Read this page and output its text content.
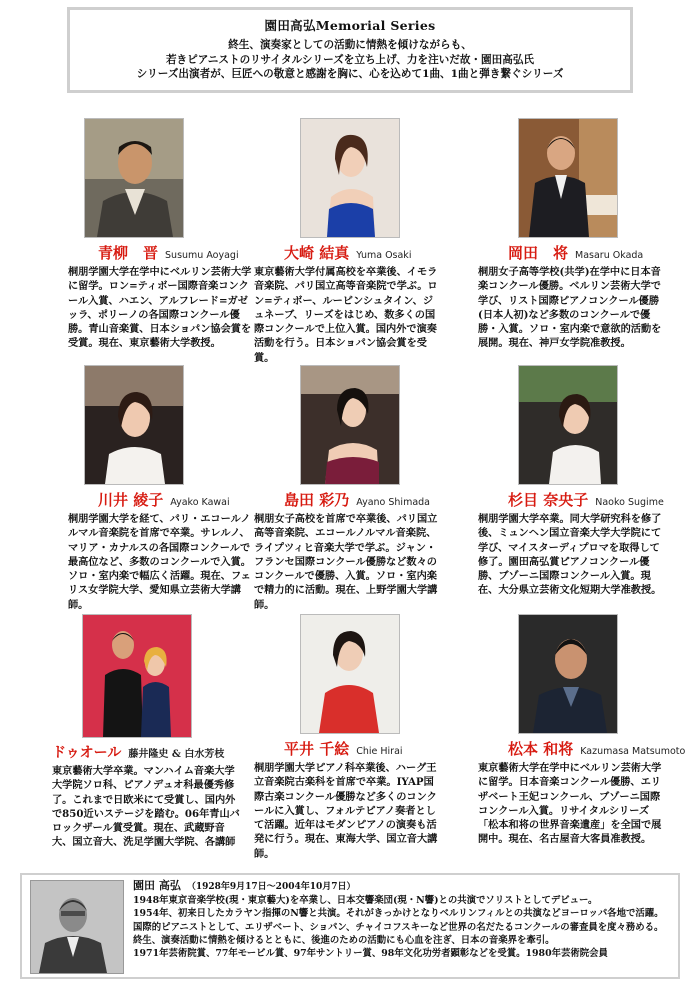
園田高弘Memorial Series
終生、演奏家としての活動に情熱を傾けながらも、
若きピアニストのリサイタルシリーズを立ち上げ、力を注いだ故・園田高弘氏
シリーズ出演者が、巨匠への敬意と感謝を胸に、心を込めて1曲、1曲と弾き繋ぐシリーズ
青柳　晋 Susumu Aoyagi
桐朋学園大学在学中にベルリン芸術大学に留学。ロン=ティボー国際音楽コンクール入賞、ハエン、アルフレード=ガゼッラ、ポリーノの各国際コンクール優勝。青山音楽賞、日本ショパン協会賞を受賞。現在、東京藝術大学教授。
大崎 結真 Yuma Osaki
東京藝術大学付属高校を卒業後、イモラ音楽院、パリ国立高等音楽院で学ぶ。ロン=ティボー、ルービンシュタイン、ジュネーブ、リーズをはじめ、数多くの国際コンクールで上位入賞。国内外で演奏活動を行う。日本ショパン協会賞を受賞。
岡田　将 Masaru Okada
桐朋女子高等学校(共学)在学中に日本音楽コンクール優勝。ベルリン芸術大学で学び、リスト国際ピアノコンクール優勝(日本人初)など多数のコンクールで優勝・入賞。ソロ・室内楽で意欲的活動を展開。現在、神戸女学院准教授。
川井 綾子 Ayako Kawai
桐朋学園大学を経て、パリ・エコールノルマル音楽院を首席で卒業。サレルノ、マリア・カナルスの各国際コンクールで最高位など、多数のコンクールで入賞。ソロ・室内楽で幅広く活躍。現在、フェリス女学院大学、愛知県立芸術大学講師。
島田 彩乃 Ayano Shimada
桐朋女子高校を首席で卒業後、パリ国立高等音楽院、エコールノルマル音楽院、ライプツィヒ音楽大学で学ぶ。ジャン・フランセ国際コンクール優勝など数々のコンクールで優勝、入賞。ソロ・室内楽で精力的に活動。現在、上野学園大学講師。
杉目 奈央子 Naoko Sugime
桐朋学園大学卒業。同大学研究科を修了後、ミュンヘン国立音楽大学大学院にて学び、マイスターディプロマを取得して修了。園田高弘賞ピアノコンクール優勝、ブゾーニ国際コンクール入賞。現在、大分県立芸術文化短期大学准教授。
ドゥオール 藤井隆史 & 白水芳枝
東京藝術大学卒業。マンハイム音楽大学大学院ソロ科、ピアノデュオ科最優秀修了。これまで日欧米にて受賞し、国内外で850近いステージを踏む。06年青山バロックザール賞受賞。現在、武蔵野音大、国立音大、洗足学園大学院、各講師
平井 千絵 Chie Hirai
桐朋学園大学ピアノ科卒業後、ハーグ王立音楽院古楽科を首席で卒業。IYAP国際古楽コンクール優勝など多くのコンクールに入賞し、フォルテピアノ奏者として活躍。近年はモダンピアノの演奏も活発に行う。現在、東海大学、国立音大講師。
松本 和将 Kazumasa Matsumoto
東京藝術大学在学中にベルリン芸術大学に留学。日本音楽コンクール優勝、エリザベート王妃コンクール、ブゾーニ国際コンクール入賞。リサイタルシリーズ「松本和将の世界音楽遺産」を全国で展開中。現在、名古屋音大客員准教授。
園田 高弘 （1928年9月17日～2004年10月7日）
1948年東京音楽学校(現・東京藝大)を卒業し、日本交響楽団(現・N響)との共演でソリストとしてデビュー。
1954年、初来日したカラヤン指揮のN響と共演。それがきっかけとなりベルリンフィルとの共演などヨーロッパ各地で活躍。
国際的ピアニストとして、エリザベート、ショパン、チャイコフスキーなど世界の名だたるコンクールの審査員を度々務める。
終生、演奏活動に情熱を傾けるとともに、後進のための活動にも心血を注ぎ、日本の音楽界を牽引。
1971年芸術院賞、77年モービル賞、97年サントリー賞、98年文化功労者顕彰などを受賞。1980年芸術院会員
